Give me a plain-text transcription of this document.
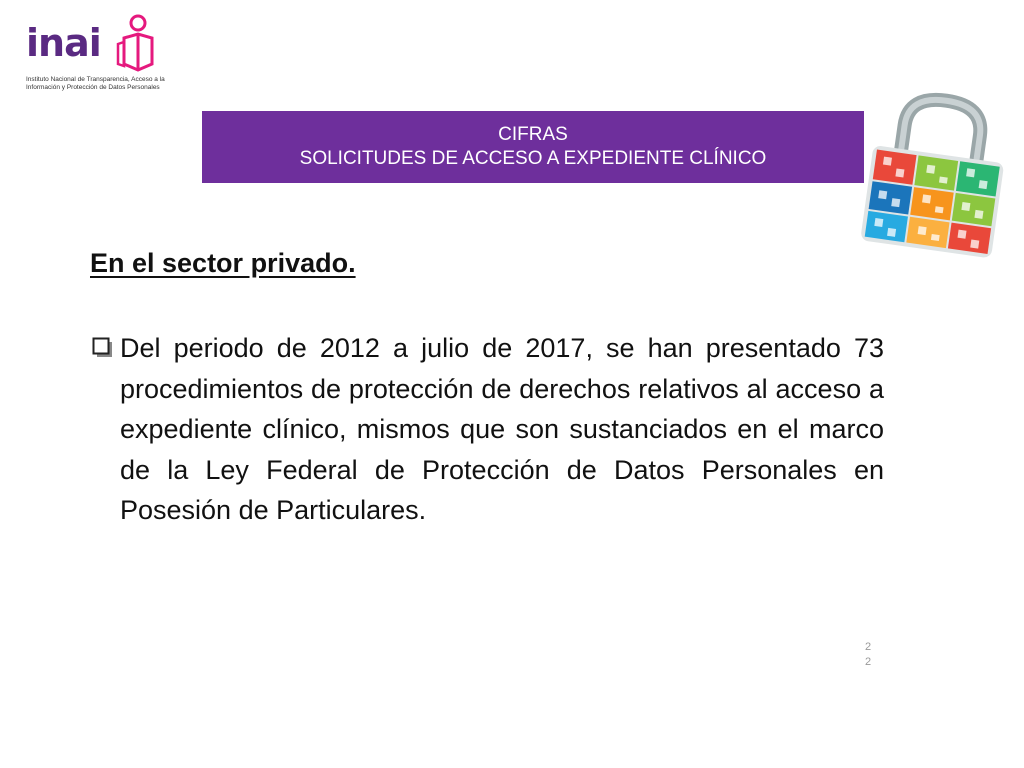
inai
Instituto Nacional de Transparencia, Acceso a la Información y Protección de Datos Personales
CIFRAS
SOLICITUDES DE ACCESO A EXPEDIENTE CLÍNICO
En el sector privado.
Del periodo de 2012 a julio de 2017, se han presentado 73 procedimientos de protección de derechos relativos al acceso a expediente clínico, mismos que son sustanciados en el marco de la Ley Federal de Protección de Datos Personales en Posesión de Particulares.
2
2
